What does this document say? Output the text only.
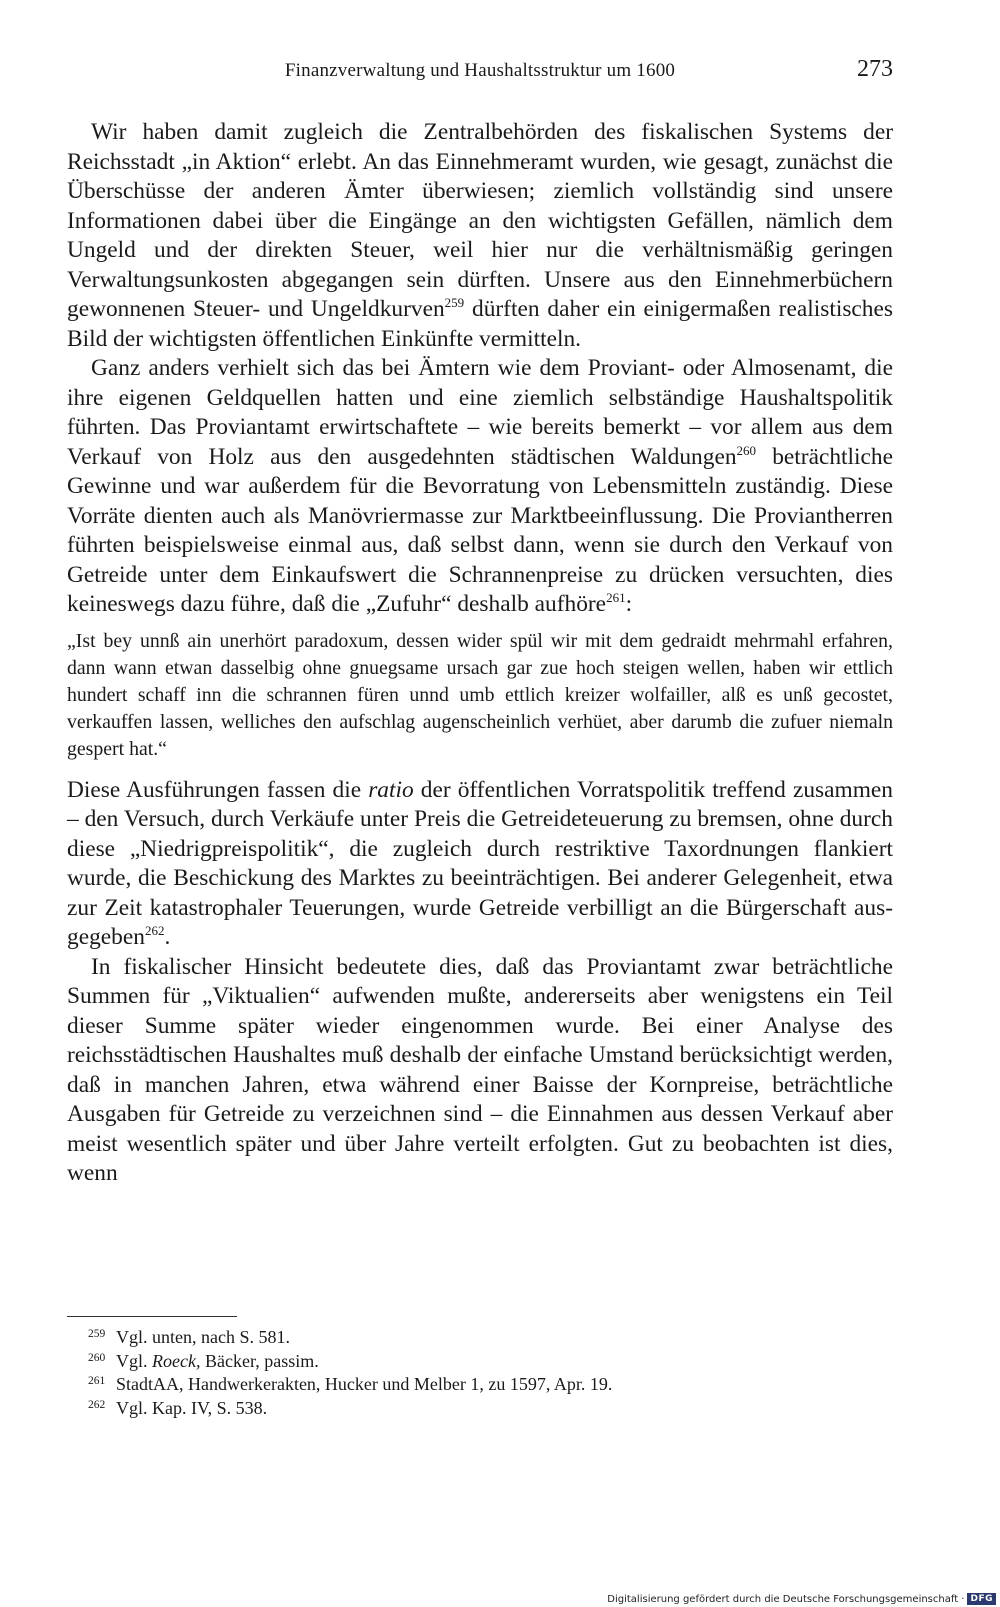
Finanzverwaltung und Haushaltsstruktur um 1600	273

Wir haben damit zugleich die Zentralbehörden des fiskalischen Systems der Reichsstadt „in Aktion“ erlebt. An das Einnehmeramt wurden, wie gesagt, zunächst die Überschüsse der anderen Ämter überwiesen; ziemlich vollständig sind unsere Informationen dabei über die Eingänge an den wichtigsten Gefällen, nämlich dem Ungeld und der direkten Steuer, weil hier nur die verhältnismäßig geringen Verwaltungsunkosten abgegangen sein dürften. Unsere aus den Einnehmerbüchern gewonnenen Steuer- und Ungeldkurven$^{259}$ dürften daher ein einigermaßen realistisches Bild der wichtigsten öffentlichen Einkünfte vermitteln.

Ganz anders verhielt sich das bei Ämtern wie dem Proviant- oder Almosenamt, die ihre eigenen Geldquellen hatten und eine ziemlich selbständige Haushaltspolitik führten. Das Proviantamt erwirtschaftete – wie bereits bemerkt – vor allem aus dem Verkauf von Holz aus den ausgedehnten städtischen Waldungen$^{260}$ beträchtliche Gewinne und war außerdem für die Bevorratung von Lebensmitteln zuständig. Diese Vorräte dienten auch als Manövriermasse zur Marktbeeinflussung. Die Proviantherren führten beispielsweise einmal aus, daß selbst dann, wenn sie durch den Verkauf von Getreide unter dem Einkaufswert die Schrannenpreise zu drücken versuchten, dies keineswegs dazu führe, daß die „Zufuhr“ deshalb aufhöre$^{261}$:

„Ist bey unnß ain unerhört paradoxum, dessen wider spül wir mit dem gedraidt mehrmahl erfahren, dann wann etwan dasselbig ohne gnuegsame ursach gar zue hoch steigen wellen, haben wir ettlich hundert schaff inn die schrannen füren unnd umb ettlich kreizer wolfailler, alß es unß gecostet, verkauffen lassen, welliches den aufschlag augenscheinlich verhüet, aber darumb die zufuer niemaln gespert hat.“

Diese Ausführungen fassen die ratio der öffentlichen Vorratspolitik treffend zusammen – den Versuch, durch Verkäufe unter Preis die Getreideteuerung zu bremsen, ohne durch diese „Niedrigpreispolitik“, die zugleich durch restriktive Taxordnungen flankiert wurde, die Beschickung des Marktes zu beeinträchtigen. Bei anderer Gelegenheit, etwa zur Zeit katastrophaler Teuerungen, wurde Getreide verbilligt an die Bürgerschaft ausgegeben$^{262}$.

In fiskalischer Hinsicht bedeutete dies, daß das Proviantamt zwar beträchtliche Summen für „Viktualien“ aufwenden mußte, andererseits aber wenigstens ein Teil dieser Summe später wieder eingenommen wurde. Bei einer Analyse des reichsstädtischen Haushaltes muß deshalb der einfache Umstand berücksichtigt werden, daß in manchen Jahren, etwa während einer Baisse der Kornpreise, beträchtliche Ausgaben für Getreide zu verzeichnen sind – die Einnahmen aus dessen Verkauf aber meist wesentlich später und über Jahre verteilt erfolgten. Gut zu beobachten ist dies, wenn

259 Vgl. unten, nach S. 581.
260 Vgl. Roeck, Bäcker, passim.
261 StadtAA, Handwerkerakten, Hucker und Melber 1, zu 1597, Apr. 19.
262 Vgl. Kap. IV, S. 538.
Digitalisierung gefördert durch die Deutsche Forschungsgemeinschaft · DFG
